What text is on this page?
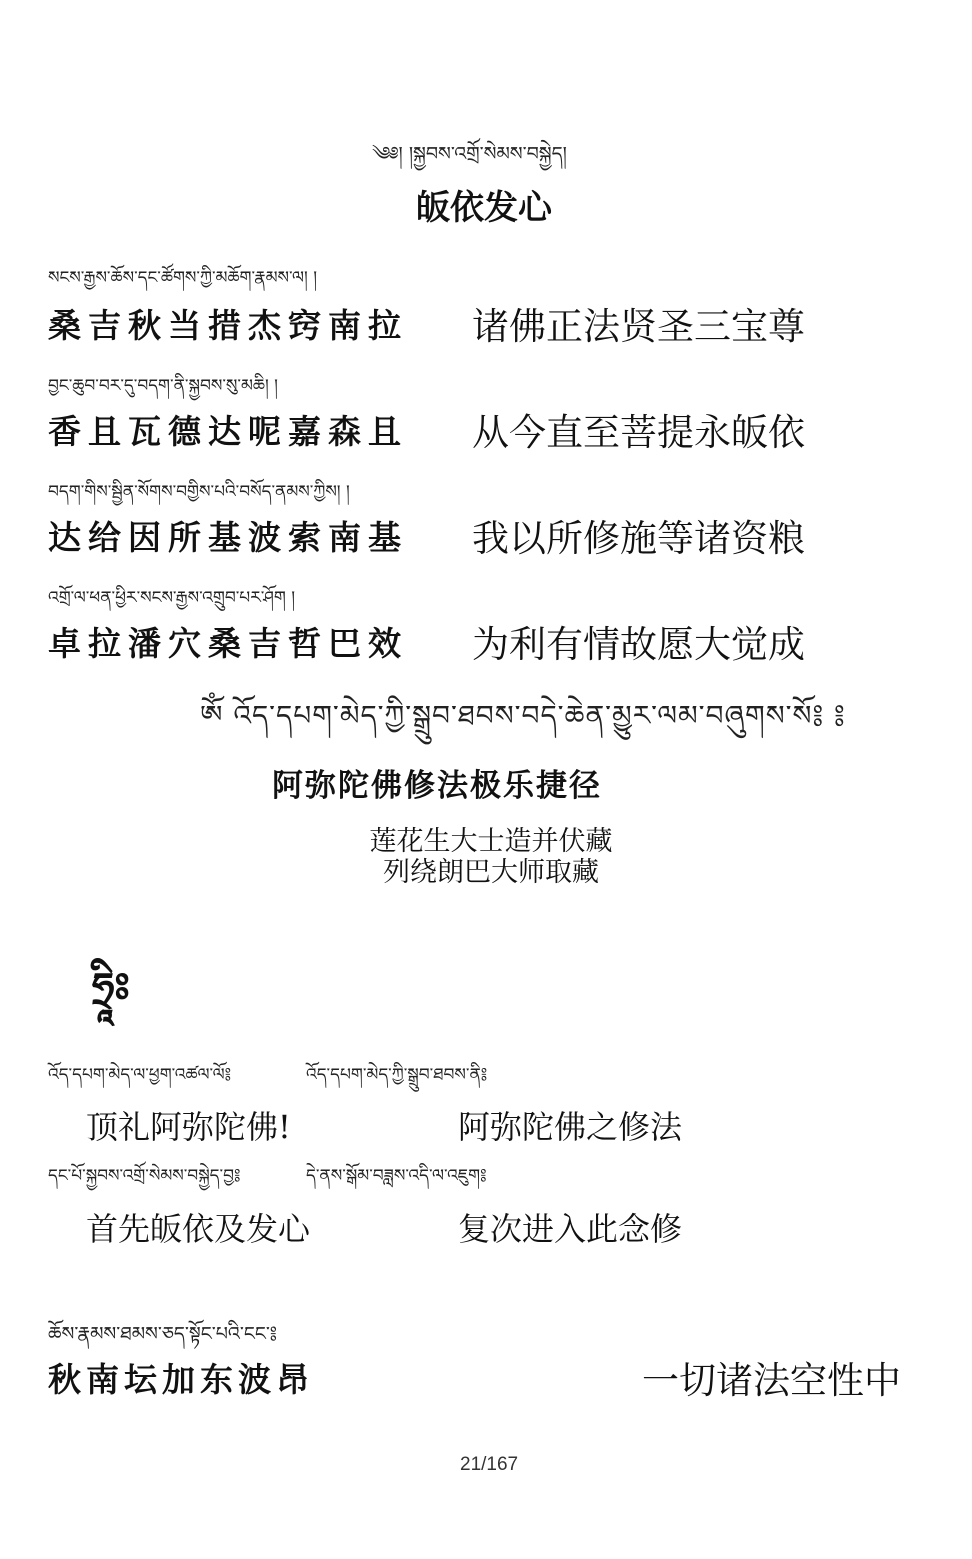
༄༅། །སྐྱབས་འགྲོ་སེམས་བསྐྱེད།
皈依发心
སངས་རྒྱས་ཆོས་དང་ཚོགས་ཀྱི་མཆོག་རྣམས་ལ། །
桑吉秋当措杰窍南拉 诸佛正法贤圣三宝尊
བྱང་ཆུབ་བར་དུ་བདག་ནི་སྐྱབས་སུ་མཆི། །
香且瓦德达呢嘉森且 从今直至菩提永皈依
བདག་གིས་སྦྱིན་སོགས་བགྱིས་པའི་བསོད་ནམས་ཀྱིས། །
达给因所基波索南基 我以所修施等诸资粮
འགྲོ་ལ་ཕན་ཕྱིར་སངས་རྒྱས་འགྲུབ་པར་ཤོག །
卓拉潘穴桑吉哲巴效 为利有情故愿大觉成
ཨོཾ འོད་དཔག་མེད་ཀྱི་སྒྲུབ་ཐབས་བདེ་ཆེན་མྱུར་ལམ་བཞུགས་སོ༔ ༔
阿弥陀佛修法极乐捷径
莲花生大士造并伏藏
列绕朗巴大师取藏
ཧྲཱིཿ
འོད་དཔག་མེད་ལ་ཕྱག་འཚལ་ལོ༔	འོད་དཔག་མེད་ཀྱི་སྒྲུབ་ཐབས་ནི༔
顶礼阿弥陀佛!	阿弥陀佛之修法
དང་པོ་སྐྱབས་འགྲོ་སེམས་བསྐྱེད་བྱ༔	དེ་ནས་སྒོམ་བཟླས་འདི་ལ་འཇུག༔
首先皈依及发心	复次进入此念修
ཆོས་རྣམས་ཐམས་ཅད་སྟོང་པའི་ངང་༔
秋南坛加东波昂	一切诸法空性中
21/167
